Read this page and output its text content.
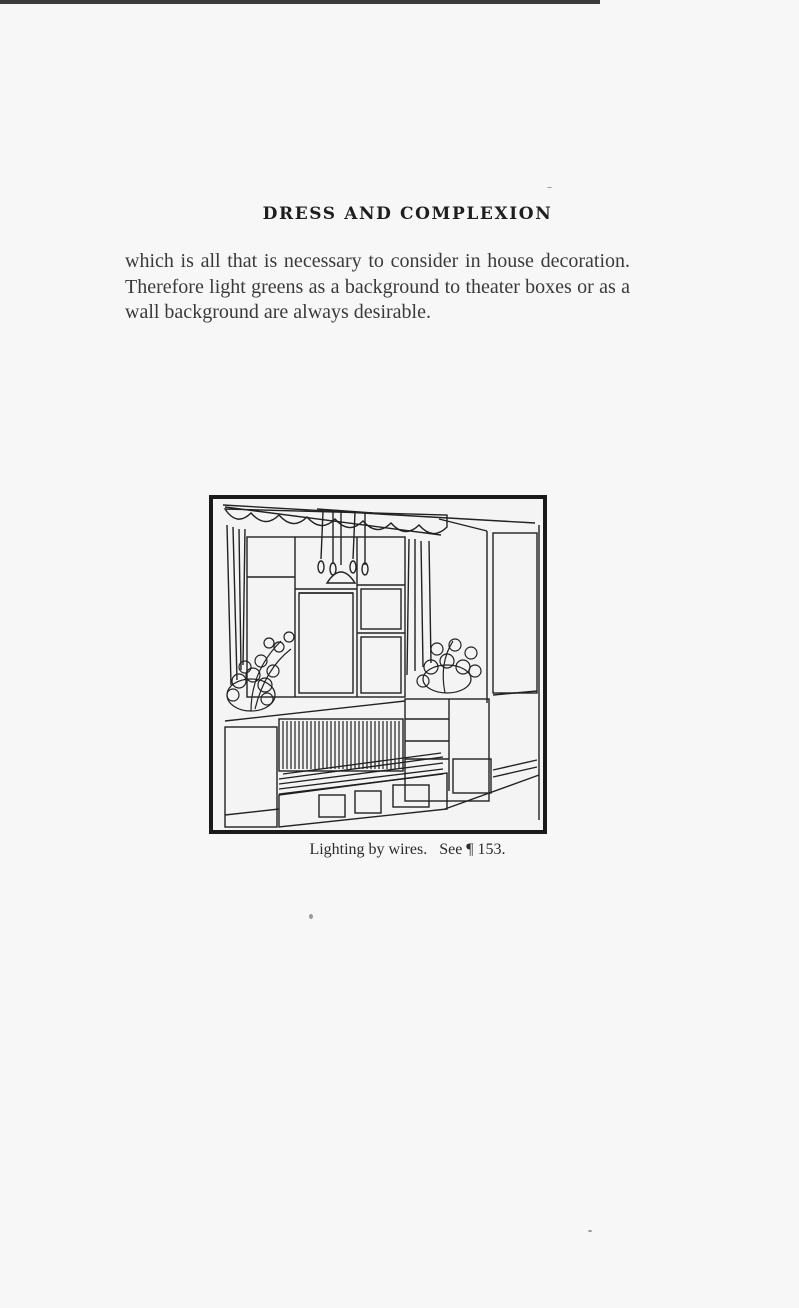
DRESS AND COMPLEXION
which is all that is necessary to consider in house decoration. Therefore light greens as a background to theater boxes or as a wall background are always desirable.
Lighting by wires.   See ¶ 153.
